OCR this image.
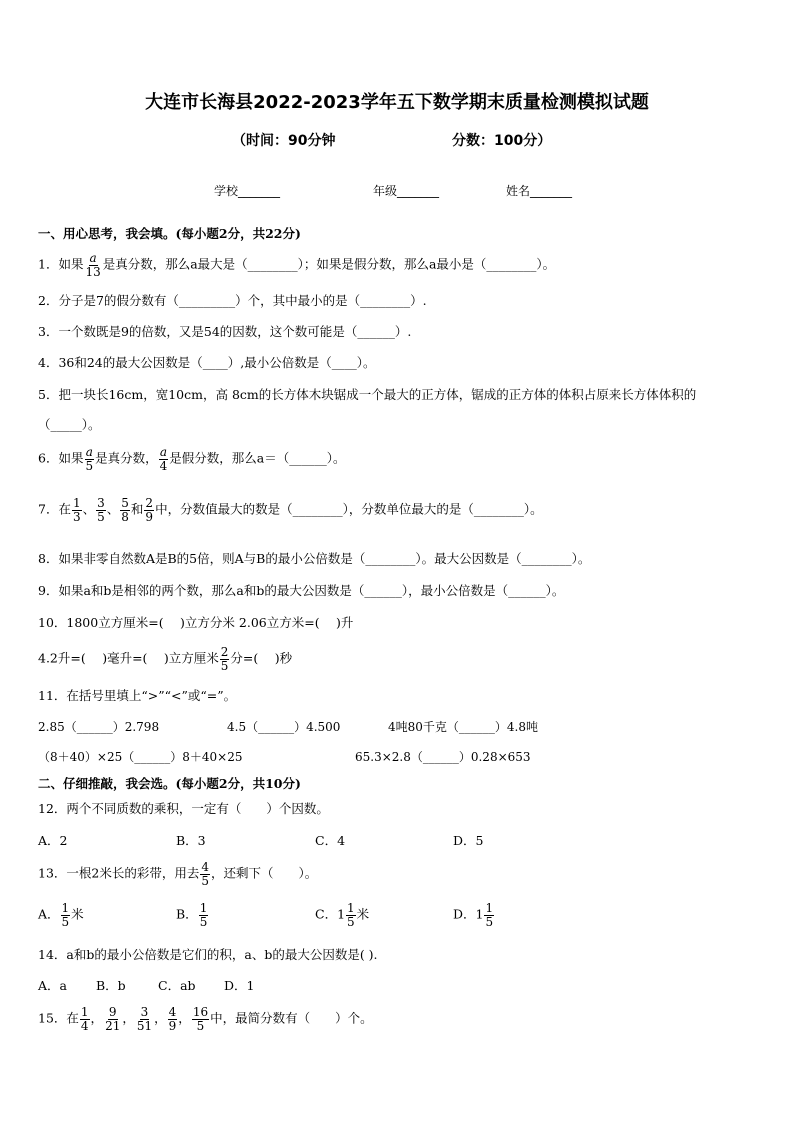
大连市长海县2022-2023学年五下数学期末质量检测模拟试题
（时间：90分钟	分数：100分）
学校_______	年级_______	姓名_______
一、用心思考，我会填。(每小题2分，共22分)
1．如果 $\frac{a}{13}$ 是真分数，那么a最大是（________）；如果是假分数，那么a最小是（________）。
2．分子是7的假分数有（_________）个，其中最小的是（________）.
3．一个数既是9的倍数，又是54的因数，这个数可能是（______）.
4．36和24的最大公因数是（____）,最小公倍数是（____）。
5．把一块长16cm，宽10cm，高 8cm的长方体木块锯成一个最大的正方体，锯成的正方体的体积占原来长方体体积的
（_____）。
6．如果 $\frac{a}{5}$ 是真分数， $\frac{a}{4}$ 是假分数，那么a＝（______）。
7．在 $\frac{1}{3}$ 、 $\frac{3}{5}$ 、 $\frac{5}{8}$ 和 $\frac{2}{9}$ 中，分数值最大的数是（________），分数单位最大的是（________）。
8．如果非零自然数A是B的5倍，则A与B的最小公倍数是（________）。最大公因数是（________）。
9．如果a和b是相邻的两个数，那么a和b的最大公因数是（______），最小公倍数是（______）。
10．1800立方厘米=(　 )立方分米 2.06立方米=(　 )升
4.2升=(　 )毫升=(　 )立方厘米 $\frac{2}{5}$ 分=(　 )秒
11．在括号里填上“>”“<”或“=”。
2.85（______）2.798	4.5（______）4.500	4吨80千克（______）4.8吨
（8＋40）×25（______）8＋40×25	65.3×2.8（______）0.28×653
二、仔细推敲，我会选。(每小题2分，共10分)
12．两个不同质数的乘积，一定有（　　）个因数。
A．2	B．3	C．4	D．5
13．一根2米长的彩带，用去 $\frac{4}{5}$ ，还剩下（　　）。
A． $\frac{1}{5}$ 米	B． $\frac{1}{5}$	C．$1 \frac{1}{5}$ 米	D．$1 \frac{1}{5}$
14．a和b的最小公倍数是它们的积，a、b的最大公因数是( ).
A．a B．b	C．ab D．1
15．在 $\frac{1}{4}$ ， $\frac{9}{21}$ ， $\frac{3}{51}$ ， $\frac{4}{9}$ ， $\frac{16}{5}$ 中，最简分数有（　　）个。
